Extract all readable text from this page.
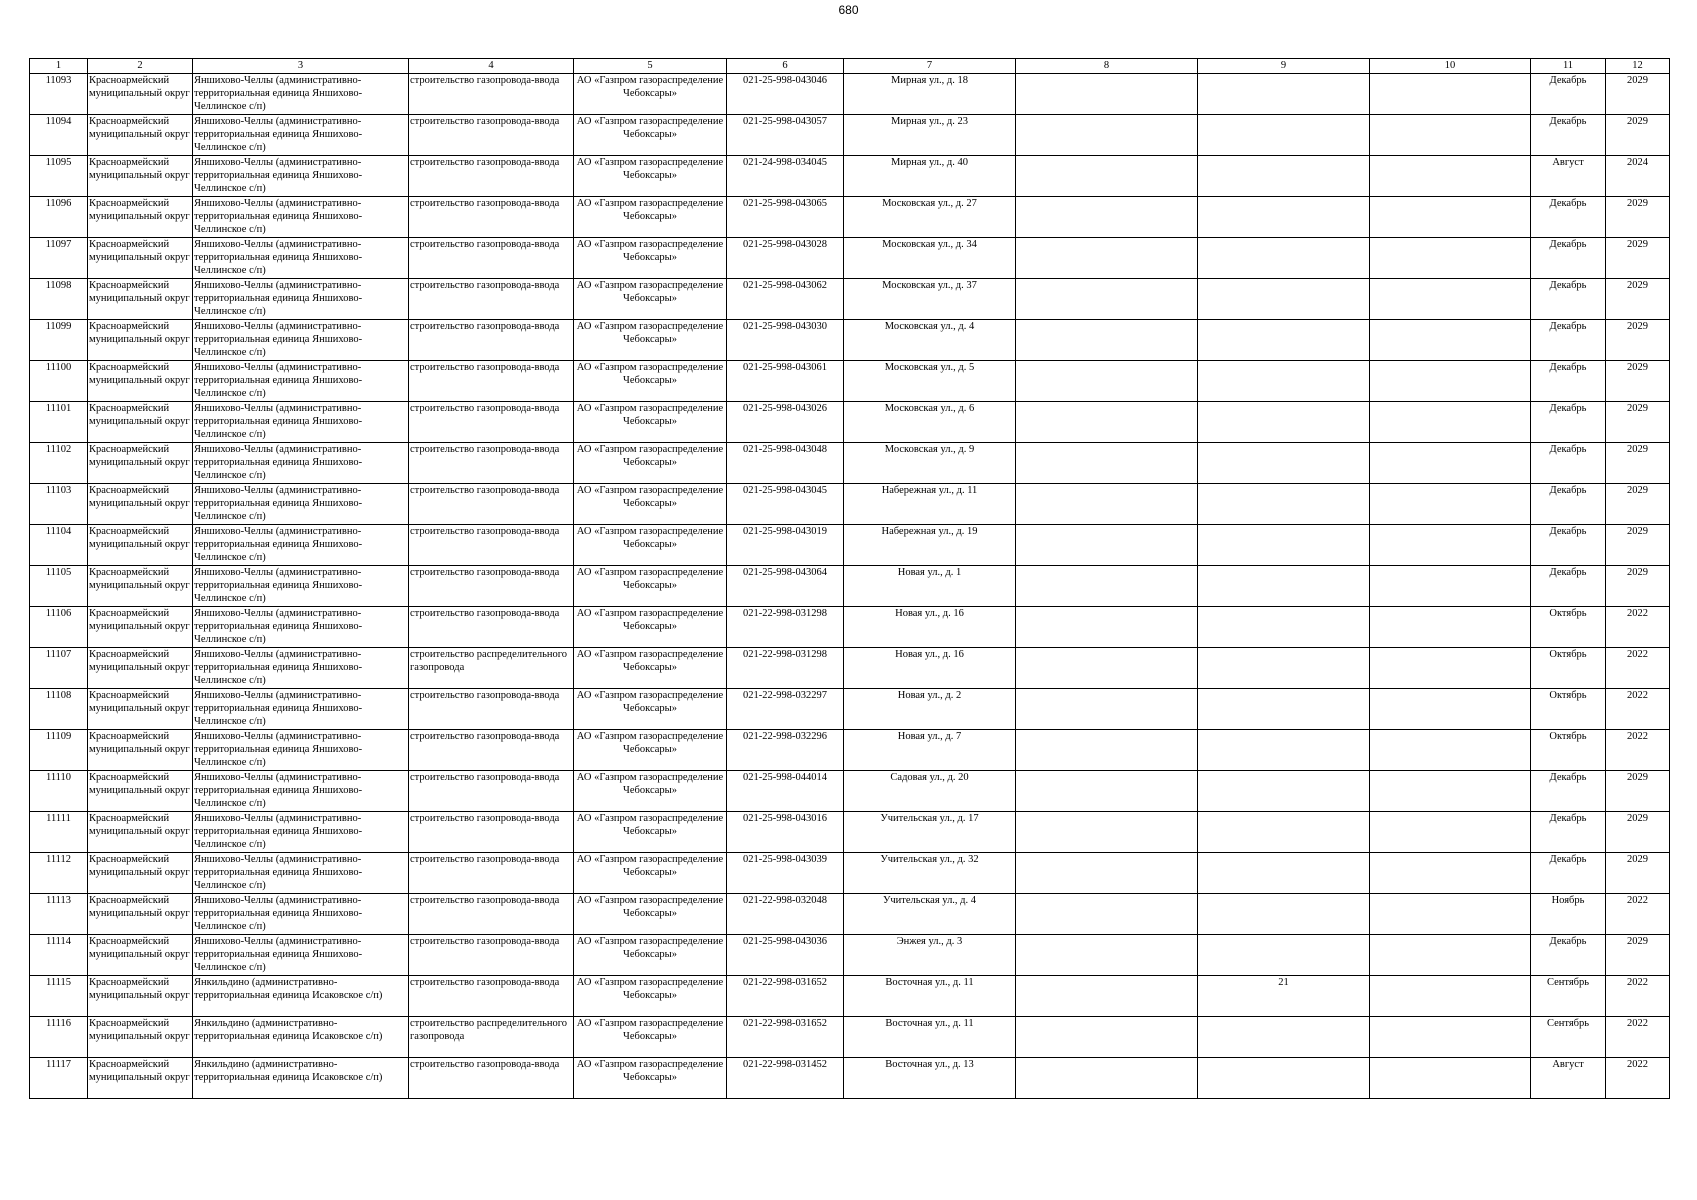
680
1	2	3	4	5	6	7	8	9	10	11	12

11093	Красноармейский муниципальный округ	Яншихово-Челлы (административно-территориальная единица Яншихово-Челлинское с/п)	строительство газопровода-ввода	АО «Газпром газораспределение Чебоксары»	021-25-998-043046	Мирная ул., д. 18				Декабрь	2029

11094	Красноармейский муниципальный округ	Яншихово-Челлы (административно-территориальная единица Яншихово-Челлинское с/п)	строительство газопровода-ввода	АО «Газпром газораспределение Чебоксары»	021-25-998-043057	Мирная ул., д. 23				Декабрь	2029

11095	Красноармейский муниципальный округ	Яншихово-Челлы (административно-территориальная единица Яншихово-Челлинское с/п)	строительство газопровода-ввода	АО «Газпром газораспределение Чебоксары»	021-24-998-034045	Мирная ул., д. 40				Август	2024

11096	Красноармейский муниципальный округ	Яншихово-Челлы (административно-территориальная единица Яншихово-Челлинское с/п)	строительство газопровода-ввода	АО «Газпром газораспределение Чебоксары»	021-25-998-043065	Московская ул., д. 27				Декабрь	2029

11097	Красноармейский муниципальный округ	Яншихово-Челлы (административно-территориальная единица Яншихово-Челлинское с/п)	строительство газопровода-ввода	АО «Газпром газораспределение Чебоксары»	021-25-998-043028	Московская ул., д. 34				Декабрь	2029

11098	Красноармейский муниципальный округ	Яншихово-Челлы (административно-территориальная единица Яншихово-Челлинское с/п)	строительство газопровода-ввода	АО «Газпром газораспределение Чебоксары»	021-25-998-043062	Московская ул., д. 37				Декабрь	2029

11099	Красноармейский муниципальный округ	Яншихово-Челлы (административно-территориальная единица Яншихово-Челлинское с/п)	строительство газопровода-ввода	АО «Газпром газораспределение Чебоксары»	021-25-998-043030	Московская ул., д. 4				Декабрь	2029

11100	Красноармейский муниципальный округ	Яншихово-Челлы (административно-территориальная единица Яншихово-Челлинское с/п)	строительство газопровода-ввода	АО «Газпром газораспределение Чебоксары»	021-25-998-043061	Московская ул., д. 5				Декабрь	2029

11101	Красноармейский муниципальный округ	Яншихово-Челлы (административно-территориальная единица Яншихово-Челлинское с/п)	строительство газопровода-ввода	АО «Газпром газораспределение Чебоксары»	021-25-998-043026	Московская ул., д. 6				Декабрь	2029

11102	Красноармейский муниципальный округ	Яншихово-Челлы (административно-территориальная единица Яншихово-Челлинское с/п)	строительство газопровода-ввода	АО «Газпром газораспределение Чебоксары»	021-25-998-043048	Московская ул., д. 9				Декабрь	2029

11103	Красноармейский муниципальный округ	Яншихово-Челлы (административно-территориальная единица Яншихово-Челлинское с/п)	строительство газопровода-ввода	АО «Газпром газораспределение Чебоксары»	021-25-998-043045	Набережная ул., д. 11				Декабрь	2029

11104	Красноармейский муниципальный округ	Яншихово-Челлы (административно-территориальная единица Яншихово-Челлинское с/п)	строительство газопровода-ввода	АО «Газпром газораспределение Чебоксары»	021-25-998-043019	Набережная ул., д. 19				Декабрь	2029

11105	Красноармейский муниципальный округ	Яншихово-Челлы (административно-территориальная единица Яншихово-Челлинское с/п)	строительство газопровода-ввода	АО «Газпром газораспределение Чебоксары»	021-25-998-043064	Новая ул., д. 1				Декабрь	2029

11106	Красноармейский муниципальный округ	Яншихово-Челлы (административно-территориальная единица Яншихово-Челлинское с/п)	строительство газопровода-ввода	АО «Газпром газораспределение Чебоксары»	021-22-998-031298	Новая ул., д. 16				Октябрь	2022

11107	Красноармейский муниципальный округ	Яншихово-Челлы (административно-территориальная единица Яншихово-Челлинское с/п)	строительство распределительного газопровода	АО «Газпром газораспределение Чебоксары»	021-22-998-031298	Новая ул., д. 16				Октябрь	2022

11108	Красноармейский муниципальный округ	Яншихово-Челлы (административно-территориальная единица Яншихово-Челлинское с/п)	строительство газопровода-ввода	АО «Газпром газораспределение Чебоксары»	021-22-998-032297	Новая ул., д. 2				Октябрь	2022

11109	Красноармейский муниципальный округ	Яншихово-Челлы (административно-территориальная единица Яншихово-Челлинское с/п)	строительство газопровода-ввода	АО «Газпром газораспределение Чебоксары»	021-22-998-032296	Новая ул., д. 7				Октябрь	2022

11110	Красноармейский муниципальный округ	Яншихово-Челлы (административно-территориальная единица Яншихово-Челлинское с/п)	строительство газопровода-ввода	АО «Газпром газораспределение Чебоксары»	021-25-998-044014	Садовая ул., д. 20				Декабрь	2029

11111	Красноармейский муниципальный округ	Яншихово-Челлы (административно-территориальная единица Яншихово-Челлинское с/п)	строительство газопровода-ввода	АО «Газпром газораспределение Чебоксары»	021-25-998-043016	Учительская ул., д. 17				Декабрь	2029

11112	Красноармейский муниципальный округ	Яншихово-Челлы (административно-территориальная единица Яншихово-Челлинское с/п)	строительство газопровода-ввода	АО «Газпром газораспределение Чебоксары»	021-25-998-043039	Учительская ул., д. 32				Декабрь	2029

11113	Красноармейский муниципальный округ	Яншихово-Челлы (административно-территориальная единица Яншихово-Челлинское с/п)	строительство газопровода-ввода	АО «Газпром газораспределение Чебоксары»	021-22-998-032048	Учительская ул., д. 4				Ноябрь	2022

11114	Красноармейский муниципальный округ	Яншихово-Челлы (административно-территориальная единица Яншихово-Челлинское с/п)	строительство газопровода-ввода	АО «Газпром газораспределение Чебоксары»	021-25-998-043036	Энжея ул., д. 3				Декабрь	2029

11115	Красноармейский муниципальный округ	Янкильдино (административно-территориальная единица Исаковское с/п)	строительство газопровода-ввода	АО «Газпром газораспределение Чебоксары»	021-22-998-031652	Восточная ул., д. 11		21		Сентябрь	2022

11116	Красноармейский муниципальный округ	Янкильдино (административно-территориальная единица Исаковское с/п)	строительство распределительного газопровода	АО «Газпром газораспределение Чебоксары»	021-22-998-031652	Восточная ул., д. 11				Сентябрь	2022

11117	Красноармейский муниципальный округ	Янкильдино (административно-территориальная единица Исаковское с/п)	строительство газопровода-ввода	АО «Газпром газораспределение Чебоксары»	021-22-998-031452	Восточная ул., д. 13				Август	2022
